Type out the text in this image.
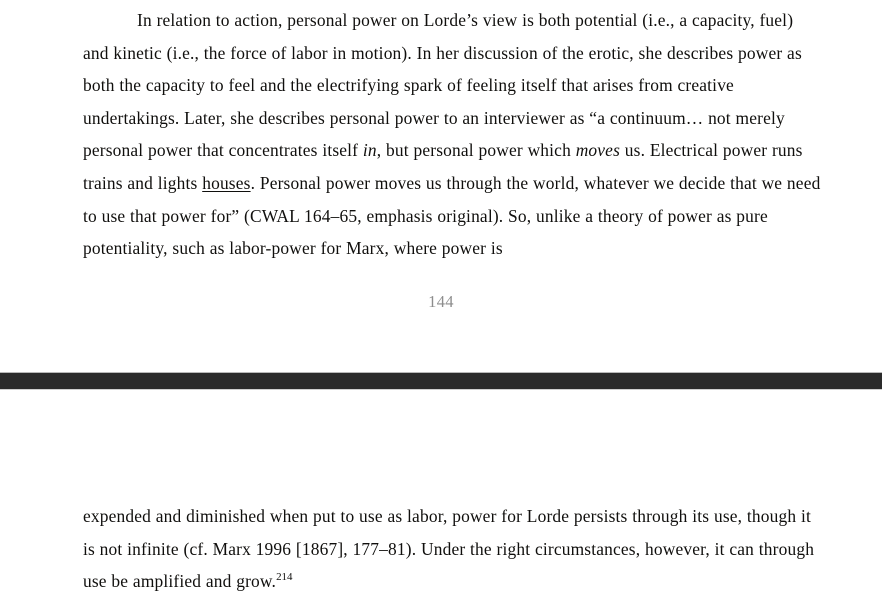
In relation to action, personal power on Lorde’s view is both potential (i.e., a capacity, fuel) and kinetic (i.e., the force of labor in motion). In her discussion of the erotic, she describes power as both the capacity to feel and the electrifying spark of feeling itself that arises from creative undertakings. Later, she describes personal power to an interviewer as “a continuum… not merely personal power that concentrates itself in, but personal power which moves us. Electrical power runs trains and lights houses. Personal power moves us through the world, whatever we decide that we need to use that power for” (CWAL 164–65, emphasis original). So, unlike a theory of power as pure potentiality, such as labor-power for Marx, where power is

144

expended and diminished when put to use as labor, power for Lorde persists through its use, though it is not infinite (cf. Marx 1996 [1867], 177–81). Under the right circumstances, however, it can through use be amplified and grow.$^{214}$
